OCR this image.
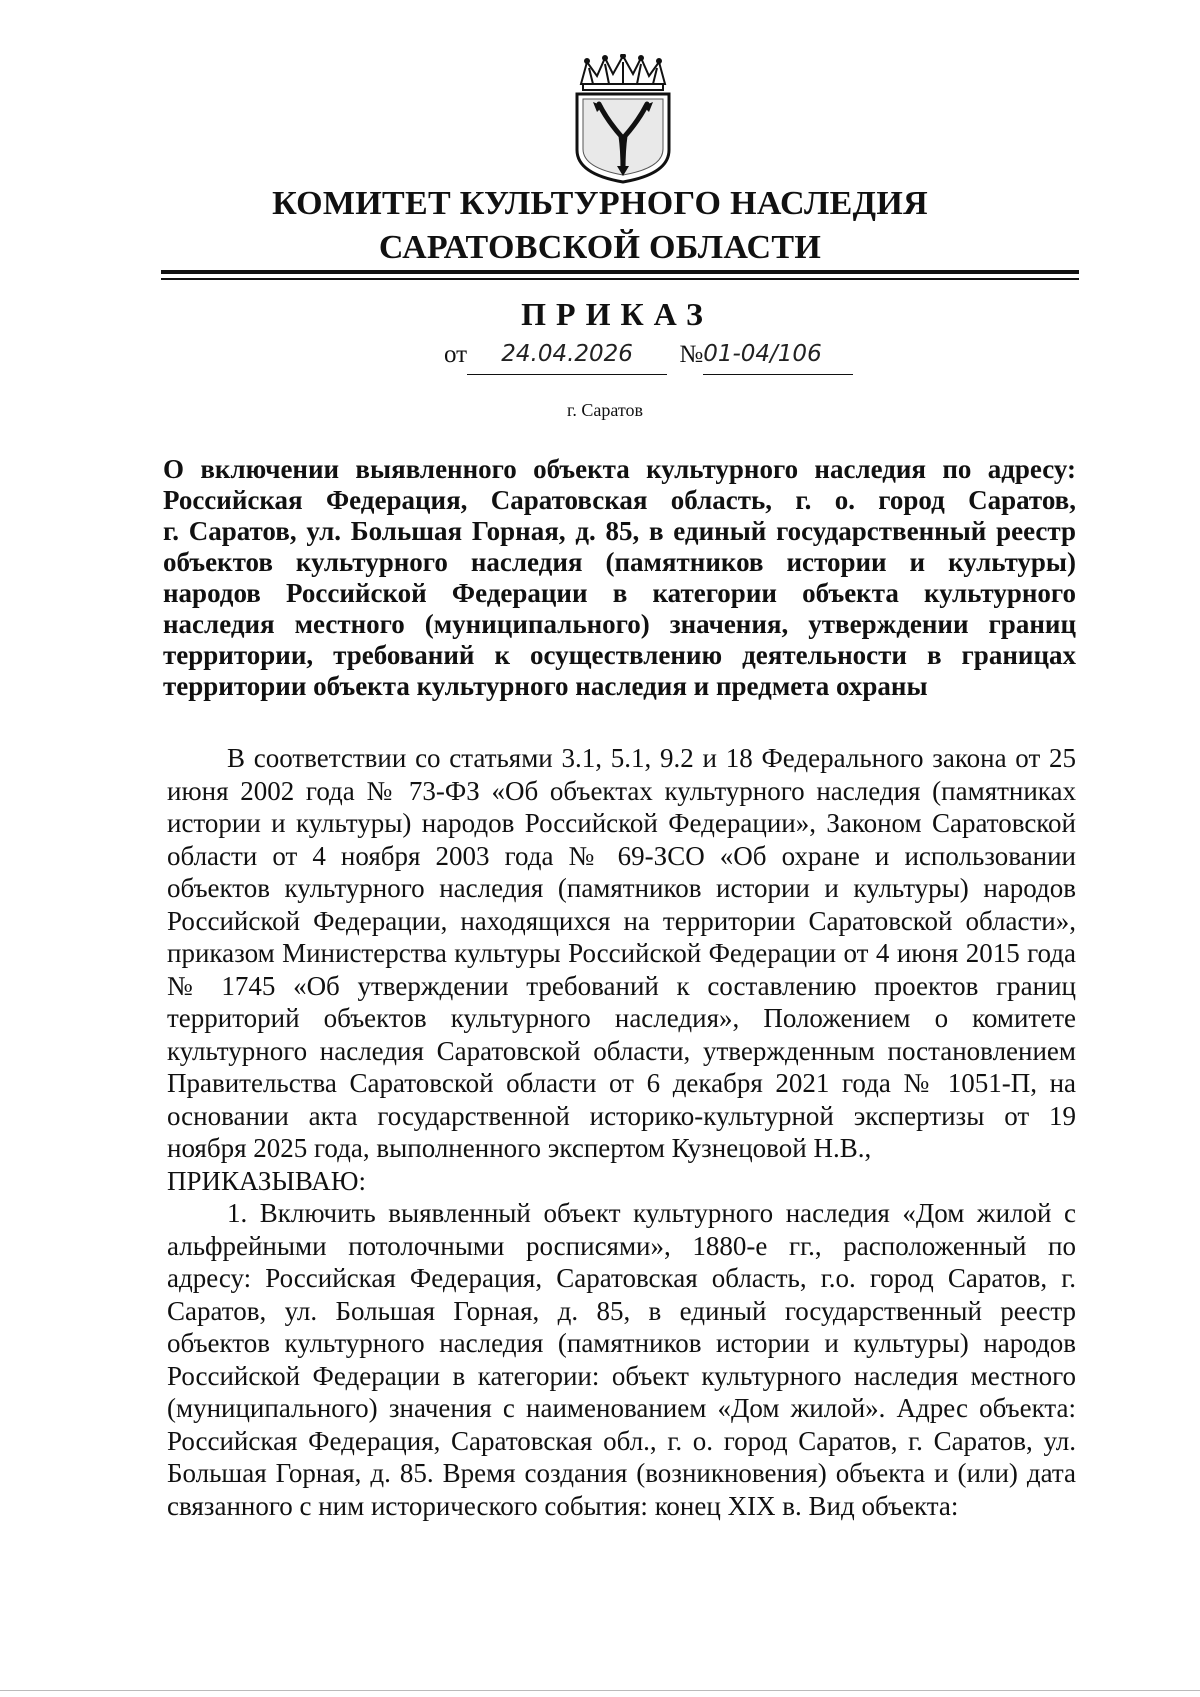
КОМИТЕТ КУЛЬТУРНОГО НАСЛЕДИЯ
САРАТОВСКОЙ ОБЛАСТИ
ПРИКАЗ
от 24.04.2026 №01-04/106
г. Саратов
О включении выявленного объекта культурного наследия по адресу:
Российская Федерация, Саратовская область, г. о. город Саратов,
г. Саратов, ул. Большая Горная, д. 85, в единый государственный реестр
объектов культурного наследия (памятников истории и культуры)
народов Российской Федерации в категории объекта культурного
наследия местного (муниципального) значения, утверждении границ
территории, требований к осуществлению деятельности в границах
территории объекта культурного наследия и предмета охраны

В соответствии со статьями 3.1, 5.1, 9.2 и 18 Федерального закона от 25 июня 2002 года № 73-ФЗ «Об объектах культурного наследия (памятниках истории и культуры) народов Российской Федерации», Законом Саратовской области от 4 ноября 2003 года № 69-ЗСО «Об охране и использовании объектов культурного наследия (памятников истории и культуры) народов Российской Федерации, находящихся на территории Саратовской области», приказом Министерства культуры Российской Федерации от 4 июня 2015 года № 1745 «Об утверждении требований к составлению проектов границ территорий объектов культурного наследия», Положением о комитете культурного наследия Саратовской области, утвержденным постановлением Правительства Саратовской области от 6 декабря 2021 года № 1051-П, на основании акта государственной историко-культурной экспертизы от 19 ноября 2025 года, выполненного экспертом Кузнецовой Н.В.,

ПРИКАЗЫВАЮ:

1. Включить выявленный объект культурного наследия «Дом жилой с альфрейными потолочными росписями», 1880-е гг., расположенный по адресу: Российская Федерация, Саратовская область, г.о. город Саратов, г. Саратов, ул. Большая Горная, д. 85, в единый государственный реестр объектов культурного наследия (памятников истории и культуры) народов Российской Федерации в категории: объект культурного наследия местного (муниципального) значения с наименованием «Дом жилой». Адрес объекта: Российская Федерация, Саратовская обл., г. о. город Саратов, г. Саратов, ул. Большая Горная, д. 85. Время создания (возникновения) объекта и (или) дата связанного с ним исторического события: конец XIX в. Вид объекта:
